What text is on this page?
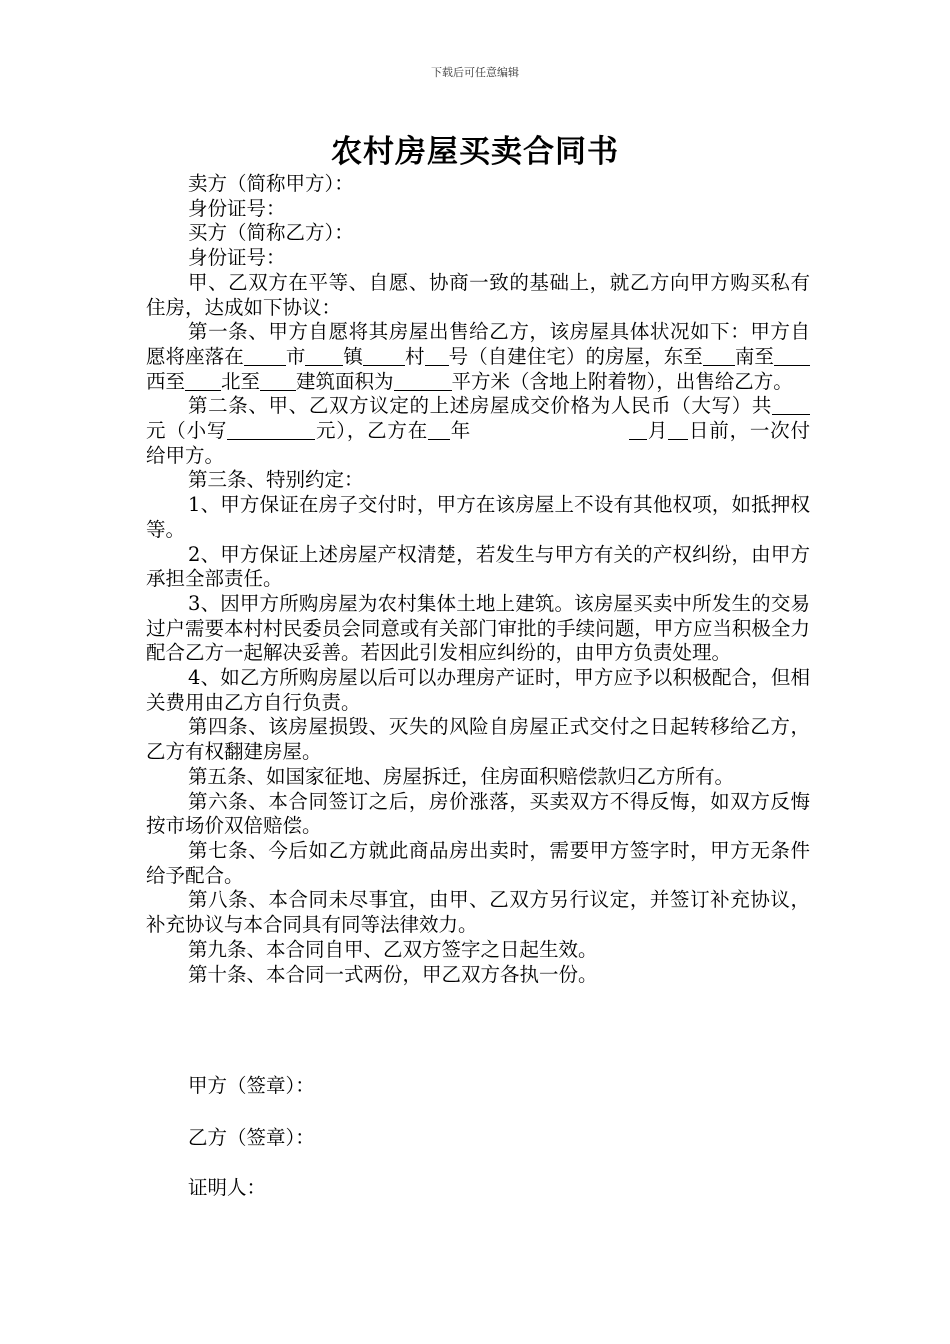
下载后可任意编辑
农村房屋买卖合同书

卖方（简称甲方）：

身份证号：

买方（简称乙方）：

身份证号：

甲、乙双方在平等、自愿、协商一致的基础上，就乙方向甲方购买私有住房，达成如下协议：

第一条、甲方自愿将其房屋出售给乙方，该房屋具体状况如下：甲方自愿将座落在 市 镇 村 号（自建住宅）的房屋，东至 南至西至 北至 建筑面积为	平方米（含地上附着物），出售给乙方。

第二条、甲、乙双方议定的上述房屋成交价格为人民币（大写）共元（小写	元），乙方在 年	月 日前，一次付给甲方。

第三条、特别约定：

1、甲方保证在房子交付时，甲方在该房屋上不设有其他权项，如抵押权等。

2、甲方保证上述房屋产权清楚，若发生与甲方有关的产权纠纷，由甲方承担全部责任。

3、因甲方所购房屋为农村集体土地上建筑。该房屋买卖中所发生的交易过户需要本村村民委员会同意或有关部门审批的手续问题，甲方应当积极全力配合乙方一起解决妥善。若因此引发相应纠纷的，由甲方负责处理。

4、如乙方所购房屋以后可以办理房产证时，甲方应予以积极配合，但相关费用由乙方自行负责。

第四条、该房屋损毁、灭失的风险自房屋正式交付之日起转移给乙方，乙方有权翻建房屋。

第五条、如国家征地、房屋拆迁，住房面积赔偿款归乙方所有。

第六条、本合同签订之后，房价涨落，买卖双方不得反悔，如双方反悔按市场价双倍赔偿。

第七条、今后如乙方就此商品房出卖时，需要甲方签字时，甲方无条件给予配合。

第八条、本合同未尽事宜，由甲、乙双方另行议定，并签订补充协议，补充协议与本合同具有同等法律效力。

第九条、本合同自甲、乙双方签字之日起生效。

第十条、本合同一式两份，甲乙双方各执一份。

甲方（签章）：
乙方（签章）：
证明人：
